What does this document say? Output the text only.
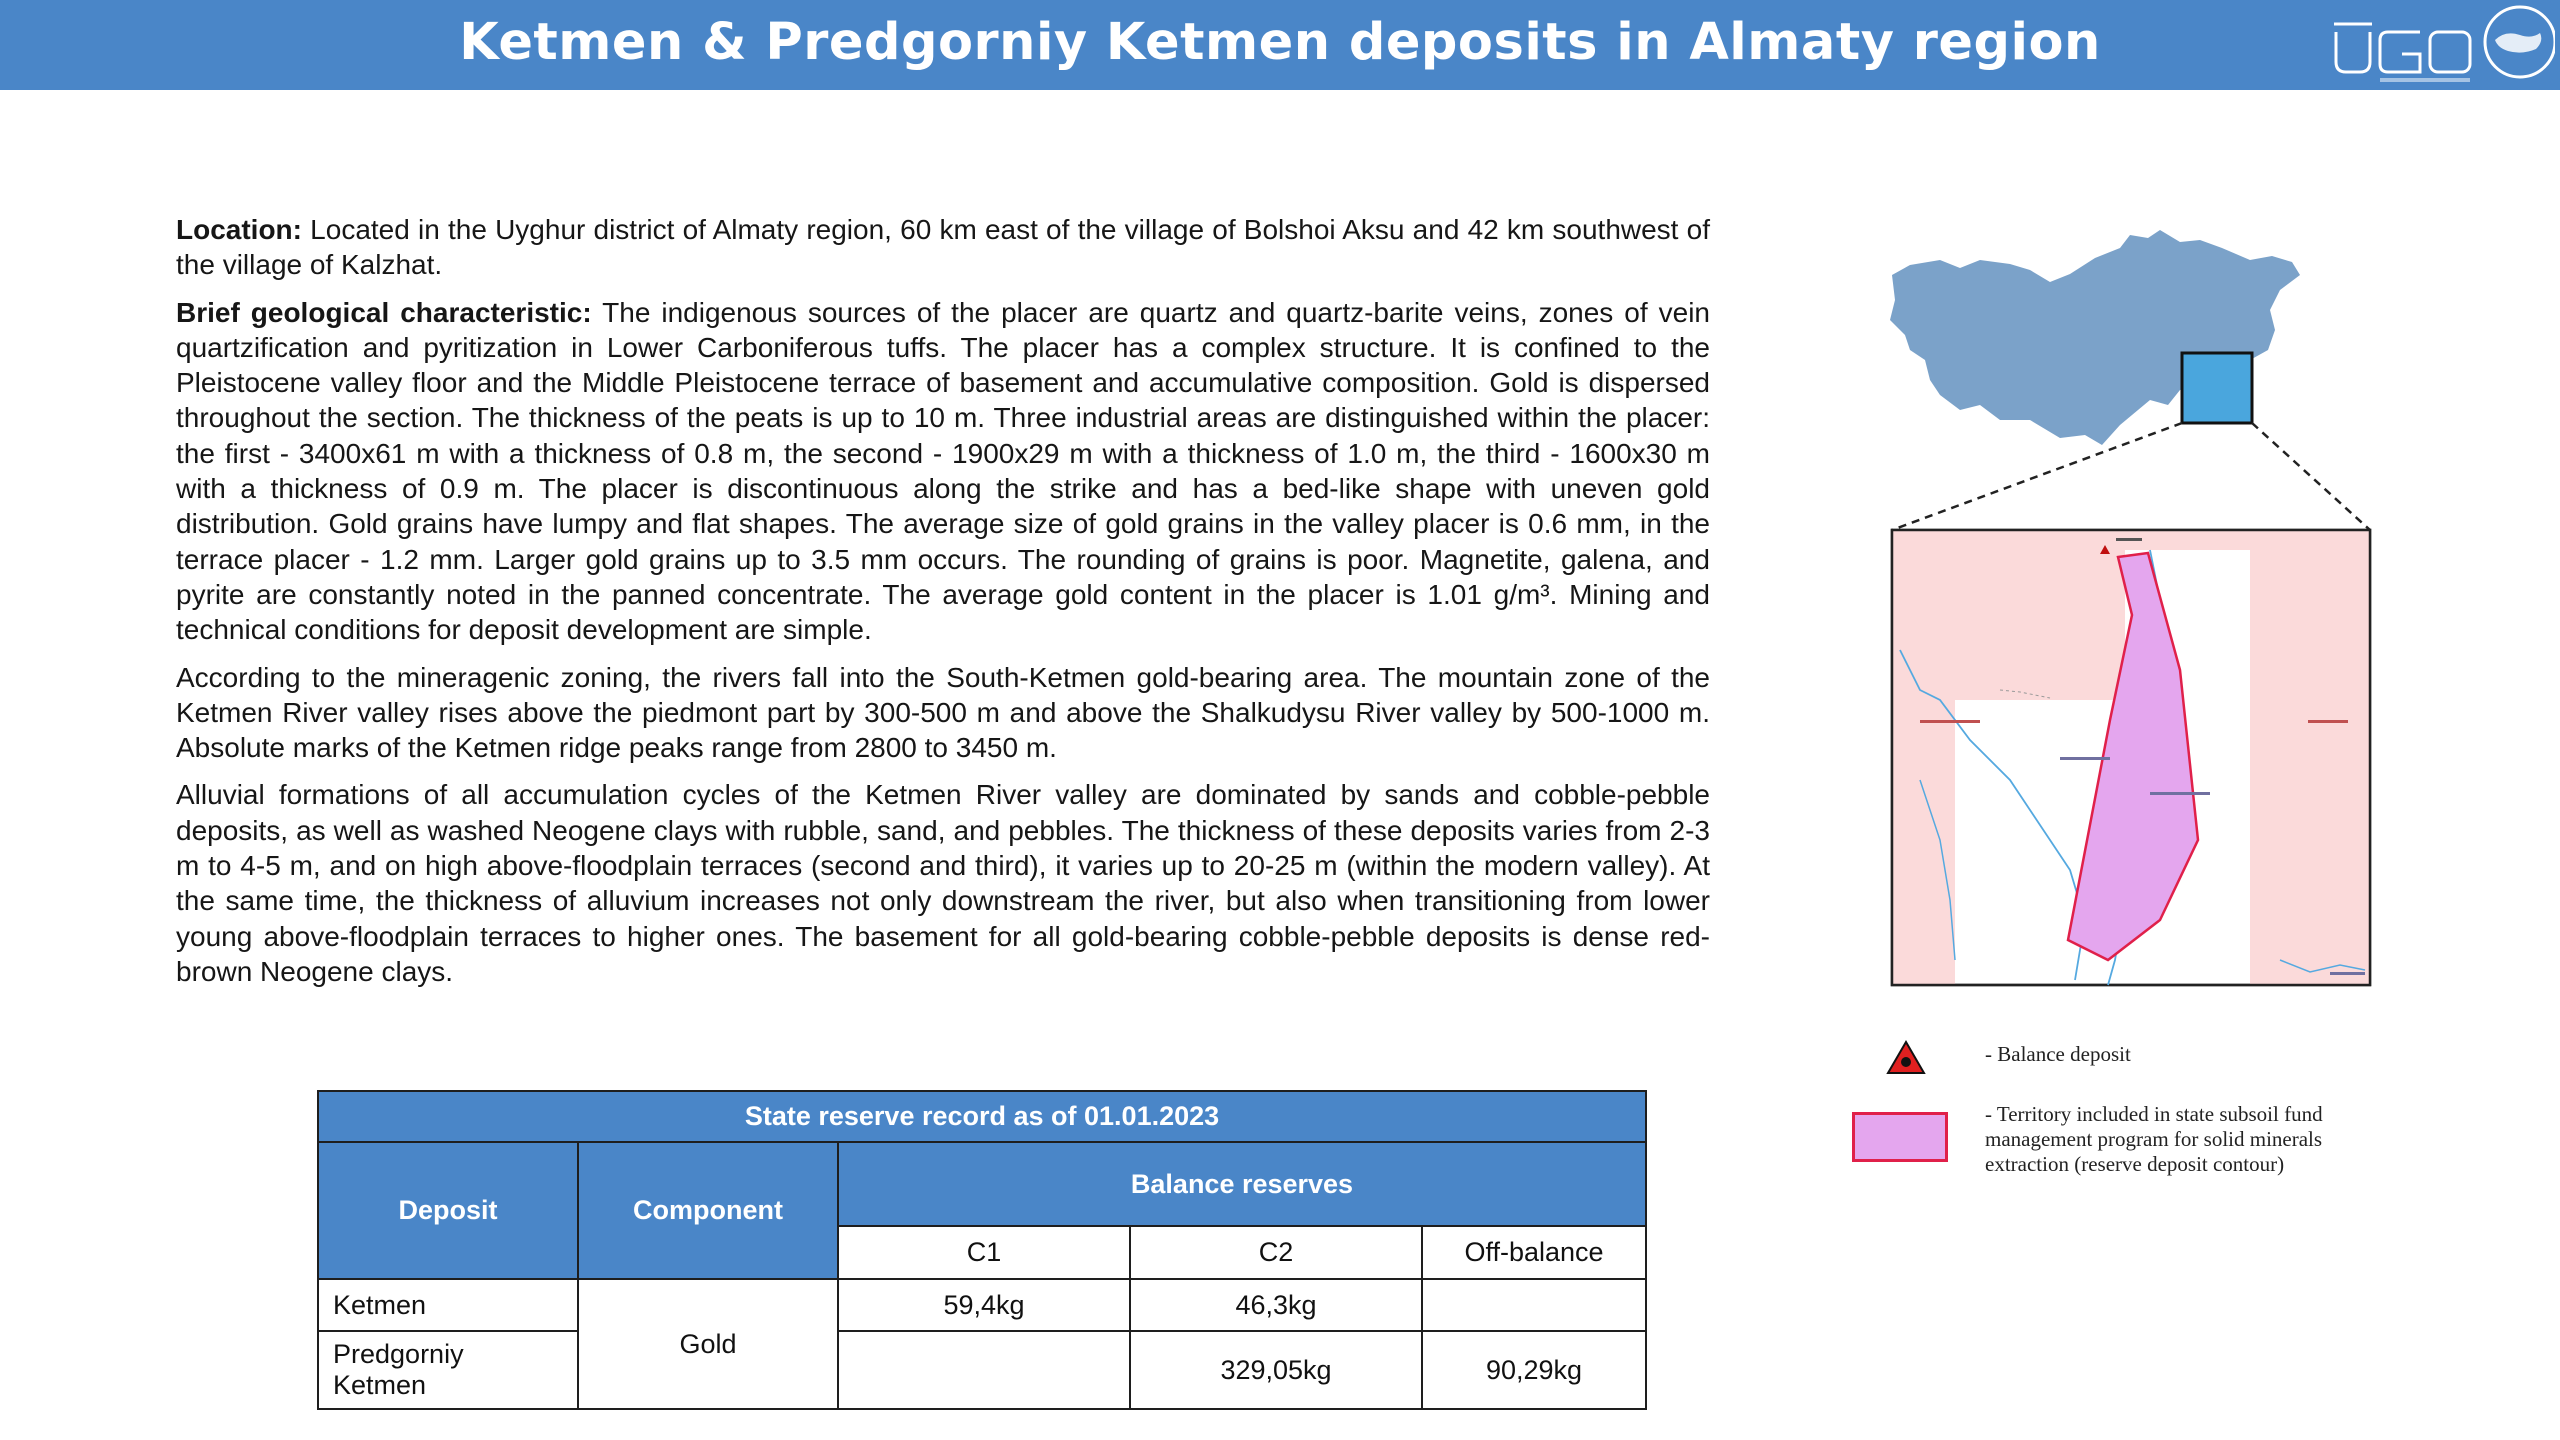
Ketmen & Predgorniy Ketmen deposits in Almaty region

Location: Located in the Uyghur district of Almaty region, 60 km east of the village of Bolshoi Aksu and 42 km southwest of the village of Kalzhat.

Brief geological characteristic: The indigenous sources of the placer are quartz and quartz-barite veins, zones of vein quartzification and pyritization in Lower Carboniferous tuffs. The placer has a complex structure. It is confined to the Pleistocene valley floor and the Middle Pleistocene terrace of basement and accumulative composition. Gold is dispersed throughout the section. The thickness of the peats is up to 10 m. Three industrial areas are distinguished within the placer: the first - 3400x61 m with a thickness of 0.8 m, the second - 1900x29 m with a thickness of 1.0 m, the third - 1600x30 m with a thickness of 0.9 m. The placer is discontinuous along the strike and has a bed-like shape with uneven gold distribution. Gold grains have lumpy and flat shapes. The average size of gold grains in the valley placer is 0.6 mm, in the terrace placer - 1.2 mm. Larger gold grains up to 3.5 mm occurs. The rounding of grains is poor. Magnetite, galena, and pyrite are constantly noted in the panned concentrate. The average gold content in the placer is 1.01 g/m³. Mining and technical conditions for deposit development are simple.

According to the mineragenic zoning, the rivers fall into the South-Ketmen gold-bearing area. The mountain zone of the Ketmen River valley rises above the piedmont part by 300-500 m and above the Shalkudysu River valley by 500-1000 m. Absolute marks of the Ketmen ridge peaks range from 2800 to 3450 m.

Alluvial formations of all accumulation cycles of the Ketmen River valley are dominated by sands and cobble-pebble deposits, as well as washed Neogene clays with rubble, sand, and pebbles. The thickness of these deposits varies from 2-3 m to 4-5 m, and on high above-floodplain terraces (second and third), it varies up to 20-25 m (within the modern valley). At the same time, the thickness of alluvium increases not only downstream the river, but also when transitioning from lower young above-floodplain terraces to higher ones. The basement for all gold-bearing cobble-pebble deposits is dense red-brown Neogene clays.

- Balance deposit
- Territory included in state subsoil fund
management program for solid minerals
extraction (reserve deposit contour)
State reserve record as of 01.01.2023				
Deposit	Component	Balance reserves		
		C1	C2	Off-balance
Ketmen	Gold	59,4kg	46,3kg	
Predgorniy
Ketmen			329,05kg	90,29kg
